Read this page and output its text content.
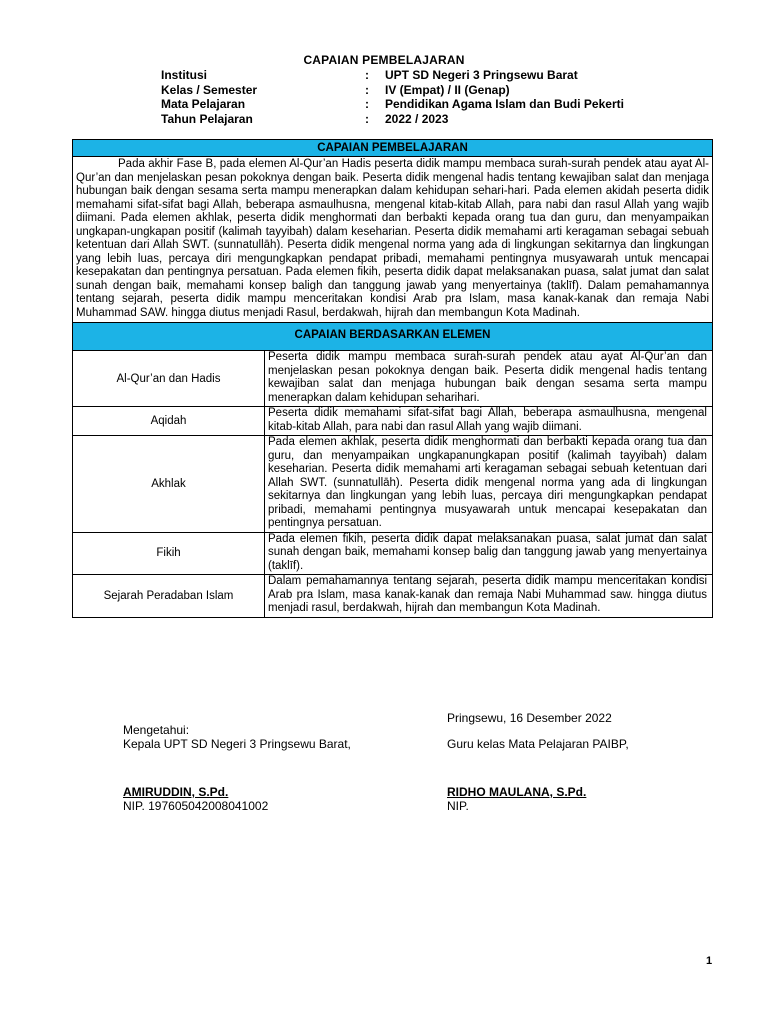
CAPAIAN PEMBELAJARAN
Institusi	: UPT SD Negeri 3 Pringsewu Barat
Kelas / Semester	: IV (Empat) / II (Genap)
Mata Pelajaran	: Pendidikan Agama Islam dan Budi Pekerti
Tahun Pelajaran	: 2022 / 2023
CAPAIAN PEMBELAJARAN
Pada akhir Fase B, pada elemen Al-Qur’an Hadis peserta didik mampu membaca surah-surah pendek atau ayat Al-Qur’an dan menjelaskan pesan pokoknya dengan baik. Peserta didik mengenal hadis tentang kewajiban salat dan menjaga hubungan baik dengan sesama serta mampu menerapkan dalam kehidupan sehari-hari. Pada elemen akidah peserta didik memahami sifat-sifat bagi Allah, beberapa asmaulhusna, mengenal kitab-kitab Allah, para nabi dan rasul Allah yang wajib diimani. Pada elemen akhlak, peserta didik menghormati dan berbakti kepada orang tua dan guru, dan menyampaikan ungkapan-ungkapan positif (kalimah tayyibah) dalam keseharian. Peserta didik memahami arti keragaman sebagai sebuah ketentuan dari Allah SWT. (sunnatullāh). Peserta didik mengenal norma yang ada di lingkungan sekitarnya dan lingkungan yang lebih luas, percaya diri mengungkapkan pendapat pribadi, memahami pentingnya musyawarah untuk mencapai kesepakatan dan pentingnya persatuan. Pada elemen fikih, peserta didik dapat melaksanakan puasa, salat jumat dan salat sunah dengan baik, memahami konsep baligh dan tanggung jawab yang menyertainya (taklīf). Dalam pemahamannya tentang sejarah, peserta didik mampu menceritakan kondisi Arab pra Islam, masa kanak-kanak dan remaja Nabi Muhammad SAW. hingga diutus menjadi Rasul, berdakwah, hijrah dan membangun Kota Madinah.
CAPAIAN BERDASARKAN ELEMEN
Al-Qur’an dan Hadis
Peserta didik mampu membaca surah-surah pendek atau ayat Al-Qur’an dan menjelaskan pesan pokoknya dengan baik. Peserta didik mengenal hadis tentang kewajiban salat dan menjaga hubungan baik dengan sesama serta mampu menerapkan dalam kehidupan seharihari.
Aqidah
Peserta didik memahami sifat-sifat bagi Allah, beberapa asmaulhusna, mengenal kitab-kitab Allah, para nabi dan rasul Allah yang wajib diimani.
Akhlak
Pada elemen akhlak, peserta didik menghormati dan berbakti kepada orang tua dan guru, dan menyampaikan ungkapanungkapan positif (kalimah tayyibah) dalam keseharian. Peserta didik memahami arti keragaman sebagai sebuah ketentuan dari Allah SWT. (sunnatullāh). Peserta didik mengenal norma yang ada di lingkungan sekitarnya dan lingkungan yang lebih luas, percaya diri mengungkapkan pendapat pribadi, memahami pentingnya musyawarah untuk mencapai kesepakatan dan pentingnya persatuan.
Fikih
Pada elemen fikih, peserta didik dapat melaksanakan puasa, salat jumat dan salat sunah dengan baik, memahami konsep balig dan tanggung jawab yang menyertainya (taklīf).
Sejarah Peradaban Islam
Dalam pemahamannya tentang sejarah, peserta didik mampu menceritakan kondisi Arab pra Islam, masa kanak-kanak dan remaja Nabi Muhammad saw. hingga diutus menjadi rasul, berdakwah, hijrah dan membangun Kota Madinah.
Pringsewu, 16 Desember 2022
Mengetahui:
Kepala UPT SD Negeri 3 Pringsewu Barat,	Guru kelas Mata Pelajaran PAIBP,
AMIRUDDIN, S.Pd.
NIP. 197605042008041002
RIDHO MAULANA, S.Pd.
NIP.
1
